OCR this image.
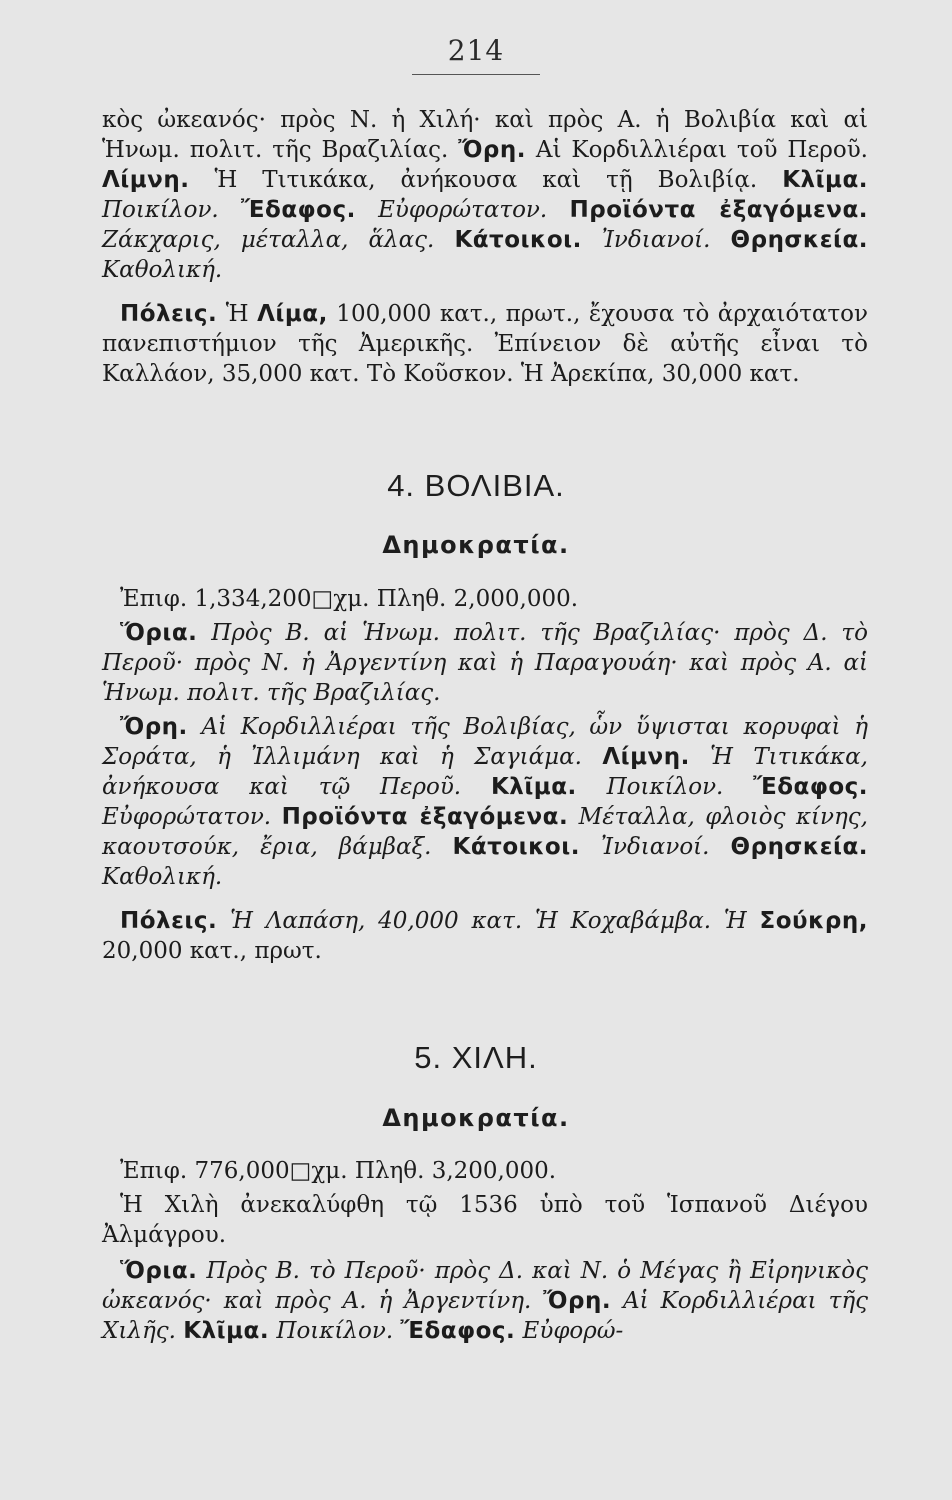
214

κὸς ὠκεανός· πρὸς Ν. ἡ Χιλή· καὶ πρὸς Α. ἡ Βολιβία καὶ αἱ Ἡνωμ. πολιτ. τῆς Βραζιλίας. Ὄρη. Αἱ Κορδιλλιέραι τοῦ Περοῦ. Λίμνη. Ἡ Τιτικάκα, ἀνήκουσα καὶ τῇ Βολιβίᾳ. Κλῖμα. Ποικίλον. Ἔδαφος. Εὐφορώτατον. Προϊόντα ἐξαγόμενα. Ζάκχαρις, μέταλλα, ἅλας. Κάτοικοι. Ἰνδιανοί. Θρησκεία. Καθολική.

Πόλεις. Ἡ Λίμα, 100,000 κατ., πρωτ., ἔχουσα τὸ ἀρχαιότατον πανεπιστήμιον τῆς Ἀμερικῆς. Ἐπίνειον δὲ αὐτῆς εἶναι τὸ Καλλάον, 35,000 κατ. Τὸ Κοῦσκον. Ἡ Ἀρεκίπα, 30,000 κατ.

4. ΒΟΛΙΒΙΑ.
Δημοκρατία.

Ἐπιφ. 1,334,200□χμ. Πληθ. 2,000,000.

Ὅρια. Πρὸς Β. αἱ Ἡνωμ. πολιτ. τῆς Βραζιλίας· πρὸς Δ. τὸ Περοῦ· πρὸς Ν. ἡ Ἀργεντίνη καὶ ἡ Παραγουάη· καὶ πρὸς Α. αἱ Ἡνωμ. πολιτ. τῆς Βραζιλίας.

Ὄρη. Αἱ Κορδιλλιέραι τῆς Βολιβίας, ὧν ὕψισται κορυφαὶ ἡ Σοράτα, ἡ Ἰλλιμάνη καὶ ἡ Σαγιάμα. Λίμνη. Ἡ Τιτικάκα, ἀνήκουσα καὶ τῷ Περοῦ. Κλῖμα. Ποικίλον. Ἔδαφος. Εὐφορώτατον. Προϊόντα ἐξαγόμενα. Μέταλλα, φλοιὸς κίνης, καουτσούκ, ἔρια, βάμβαξ. Κάτοικοι. Ἰνδιανοί. Θρησκεία. Καθολική.

Πόλεις. Ἡ Λαπάση, 40,000 κατ. Ἡ Κοχαβάμβα. Ἡ Σούκρη, 20,000 κατ., πρωτ.

5. ΧΙΛΗ.
Δημοκρατία.

Ἐπιφ. 776,000□χμ. Πληθ. 3,200,000.

Ἡ Χιλὴ ἀνεκαλύφθη τῷ 1536 ὑπὸ τοῦ Ἱσπανοῦ Διέγου Ἀλμάγρου.

Ὅρια. Πρὸς Β. τὸ Περοῦ· πρὸς Δ. καὶ Ν. ὁ Μέγας ἢ Εἰρηνικὸς ὠκεανός· καὶ πρὸς Α. ἡ Ἀργεντίνη. Ὄρη. Αἱ Κορδιλλιέραι τῆς Χιλῆς. Κλῖμα. Ποικίλον. Ἔδαφος. Εὐφορώ-
